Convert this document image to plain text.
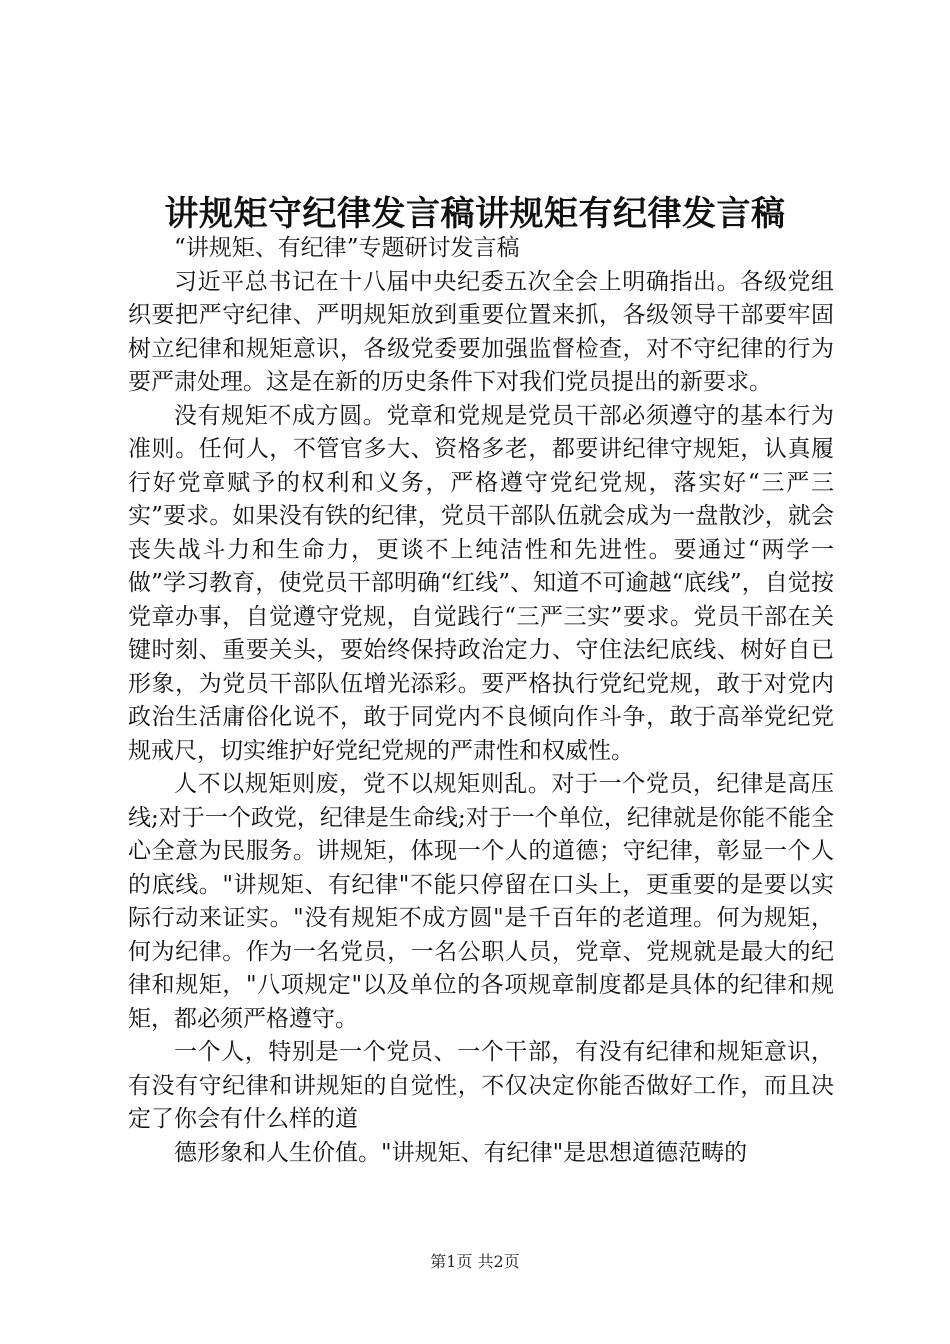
讲规矩守纪律发言稿讲规矩有纪律发言稿

“讲规矩、有纪律”专题研讨发言稿

习近平总书记在十八届中央纪委五次全会上明确指出。各级党组织要把严守纪律、严明规矩放到重要位置来抓，各级领导干部要牢固树立纪律和规矩意识，各级党委要加强监督检查，对不守纪律的行为要严肃处理。这是在新的历史条件下对我们党员提出的新要求。

没有规矩不成方圆。党章和党规是党员干部必须遵守的基本行为准则。任何人，不管官多大、资格多老，都要讲纪律守规矩，认真履行好党章赋予的权利和义务，严格遵守党纪党规，落实好“三严三实”要求。如果没有铁的纪律，党员干部队伍就会成为一盘散沙，就会丧失战斗力和生命力，更谈不上纯洁性和先进性。要通过“两学一做”学习教育，使党员干部明确“红线”、知道不可逾越“底线”，自觉按党章办事，自觉遵守党规，自觉践行“三严三实”要求。党员干部在关键时刻、重要关头，要始终保持政治定力、守住法纪底线、树好自已形象，为党员干部队伍增光添彩。要严格执行党纪党规，敢于对党内政治生活庸俗化说不，敢于同党内不良倾向作斗争，敢于高举党纪党规戒尺，切实维护好党纪党规的严肃性和权威性。

人不以规矩则废，党不以规矩则乱。对于一个党员，纪律是高压线;对于一个政党，纪律是生命线;对于一个单位，纪律就是你能不能全心全意为民服务。讲规矩，体现一个人的道德；守纪律，彰显一个人的底线。"讲规矩、有纪律"不能只停留在口头上，更重要的是要以实际行动来证实。"没有规矩不成方圆"是千百年的老道理。何为规矩，何为纪律。作为一名党员，一名公职人员，党章、党规就是最大的纪律和规矩，"八项规定"以及单位的各项规章制度都是具体的纪律和规矩，都必须严格遵守。

一个人，特别是一个党员、一个干部，有没有纪律和规矩意识，有没有守纪律和讲规矩的自觉性，不仅决定你能否做好工作，而且决定了你会有什么样的道

德形象和人生价值。"讲规矩、有纪律"是思想道德范畴的

第1页 共2页
